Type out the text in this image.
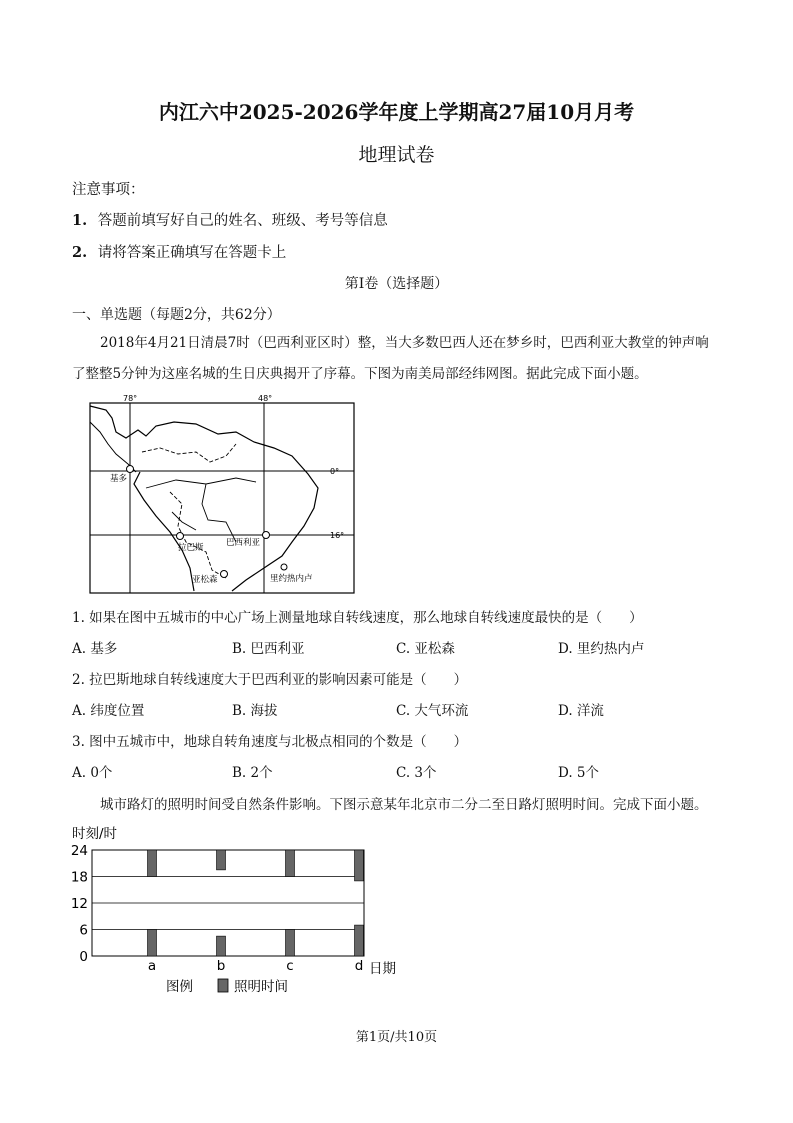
内江六中2025-2026学年度上学期高27届10月月考
地理试卷
注意事项：
1. 答题前填写好自己的姓名、班级、考号等信息
2. 请将答案正确填写在答题卡上
第I卷（选择题）
一、单选题（每题2分，共62分）
2018年4月21日清晨7时（巴西利亚区时）整，当大多数巴西人还在梦乡时，巴西利亚大教堂的钟声响了整整5分钟为这座名城的生日庆典揭开了序幕。下图为南美局部经纬网图。据此完成下面小题。
78°	48°
0°
16°
基多
拉巴斯	巴西利亚
亚松森	里约热内卢
1. 如果在图中五城市的中心广场上测量地球自转线速度，那么地球自转线速度最快的是（　　）
A. 基多	B. 巴西利亚	C. 亚松森	D. 里约热内卢
2. 拉巴斯地球自转线速度大于巴西利亚的影响因素可能是（　　）
A. 纬度位置	B. 海拔	C. 大气环流	D. 洋流
3. 图中五城市中，地球自转角速度与北极点相同的个数是（　　）
A. 0个	B. 2个	C. 3个	D. 5个
城市路灯的照明时间受自然条件影响。下图示意某年北京市二分二至日路灯照明时间。完成下面小题。
时刻/时
0
6
12
18
24
a	b	c	d 日期
图例	照明时间
第1页/共10页
